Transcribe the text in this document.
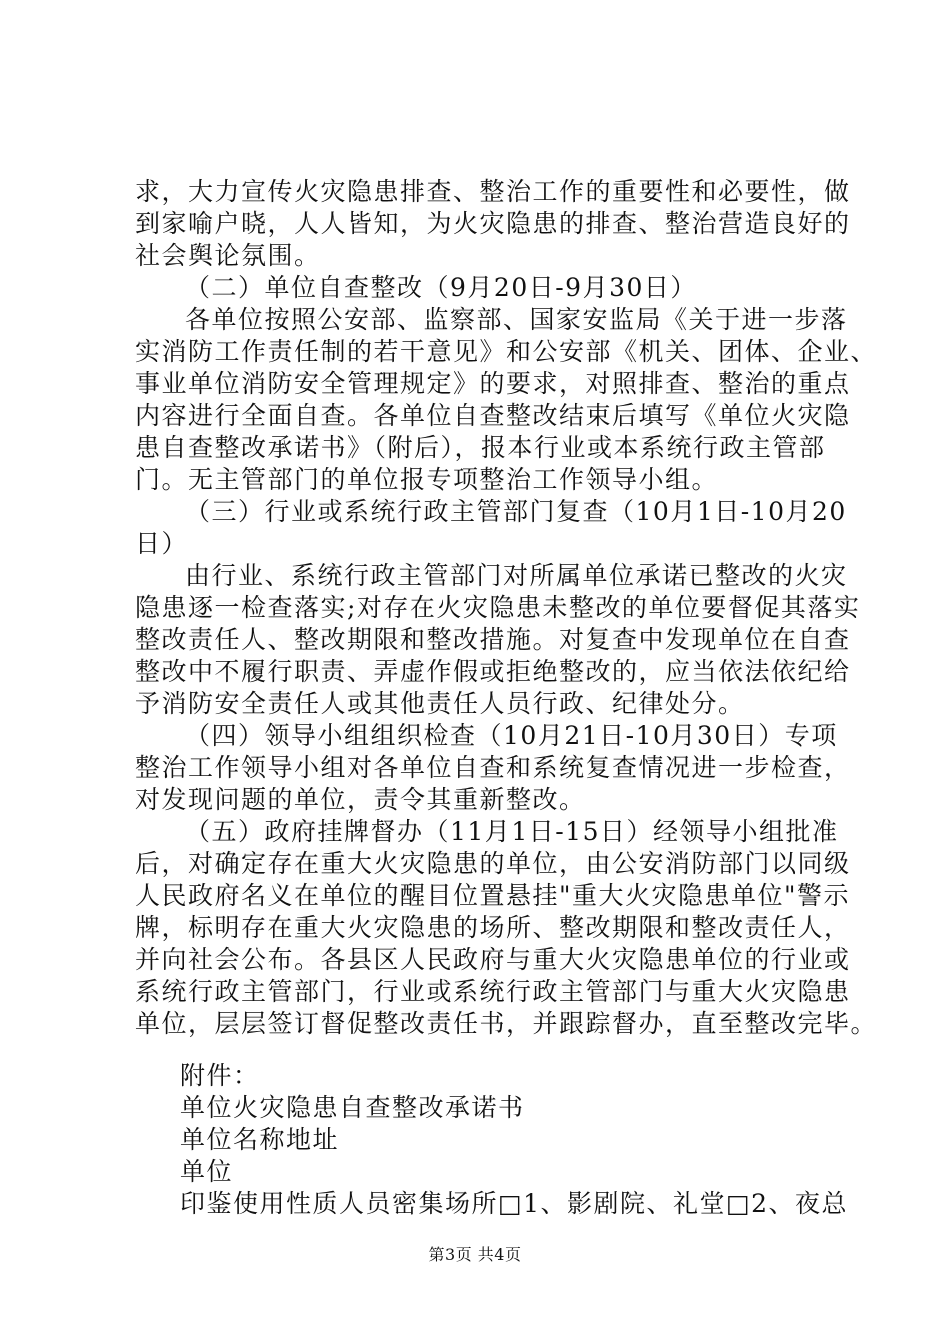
求，大力宣传火灾隐患排查、整治工作的重要性和必要性，做
到家喻户晓，人人皆知，为火灾隐患的排查、整治营造良好的
社会舆论氛围。
（二）单位自查整改（9月20日-9月30日）
各单位按照公安部、监察部、国家安监局《关于进一步落
实消防工作责任制的若干意见》和公安部《机关、团体、企业、
事业单位消防安全管理规定》的要求，对照排查、整治的重点
内容进行全面自查。各单位自查整改结束后填写《单位火灾隐
患自查整改承诺书》（附后），报本行业或本系统行政主管部
门。无主管部门的单位报专项整治工作领导小组。
（三）行业或系统行政主管部门复查（10月1日-10月20
日）
由行业、系统行政主管部门对所属单位承诺已整改的火灾
隐患逐一检查落实;对存在火灾隐患未整改的单位要督促其落实
整改责任人、整改期限和整改措施。对复查中发现单位在自查
整改中不履行职责、弄虚作假或拒绝整改的，应当依法依纪给
予消防安全责任人或其他责任人员行政、纪律处分。
（四）领导小组组织检查（10月21日-10月30日）专项
整治工作领导小组对各单位自查和系统复查情况进一步检查，
对发现问题的单位，责令其重新整改。
（五）政府挂牌督办（11月1日-15日）经领导小组批准
后，对确定存在重大火灾隐患的单位，由公安消防部门以同级
人民政府名义在单位的醒目位置悬挂"重大火灾隐患单位"警示
牌，标明存在重大火灾隐患的场所、整改期限和整改责任人，
并向社会公布。各县区人民政府与重大火灾隐患单位的行业或
系统行政主管部门，行业或系统行政主管部门与重大火灾隐患
单位，层层签订督促整改责任书，并跟踪督办，直至整改完毕。
附件：
单位火灾隐患自查整改承诺书
单位名称地址
单位
印鉴使用性质人员密集场所□1、影剧院、礼堂□2、夜总
第3页 共4页
